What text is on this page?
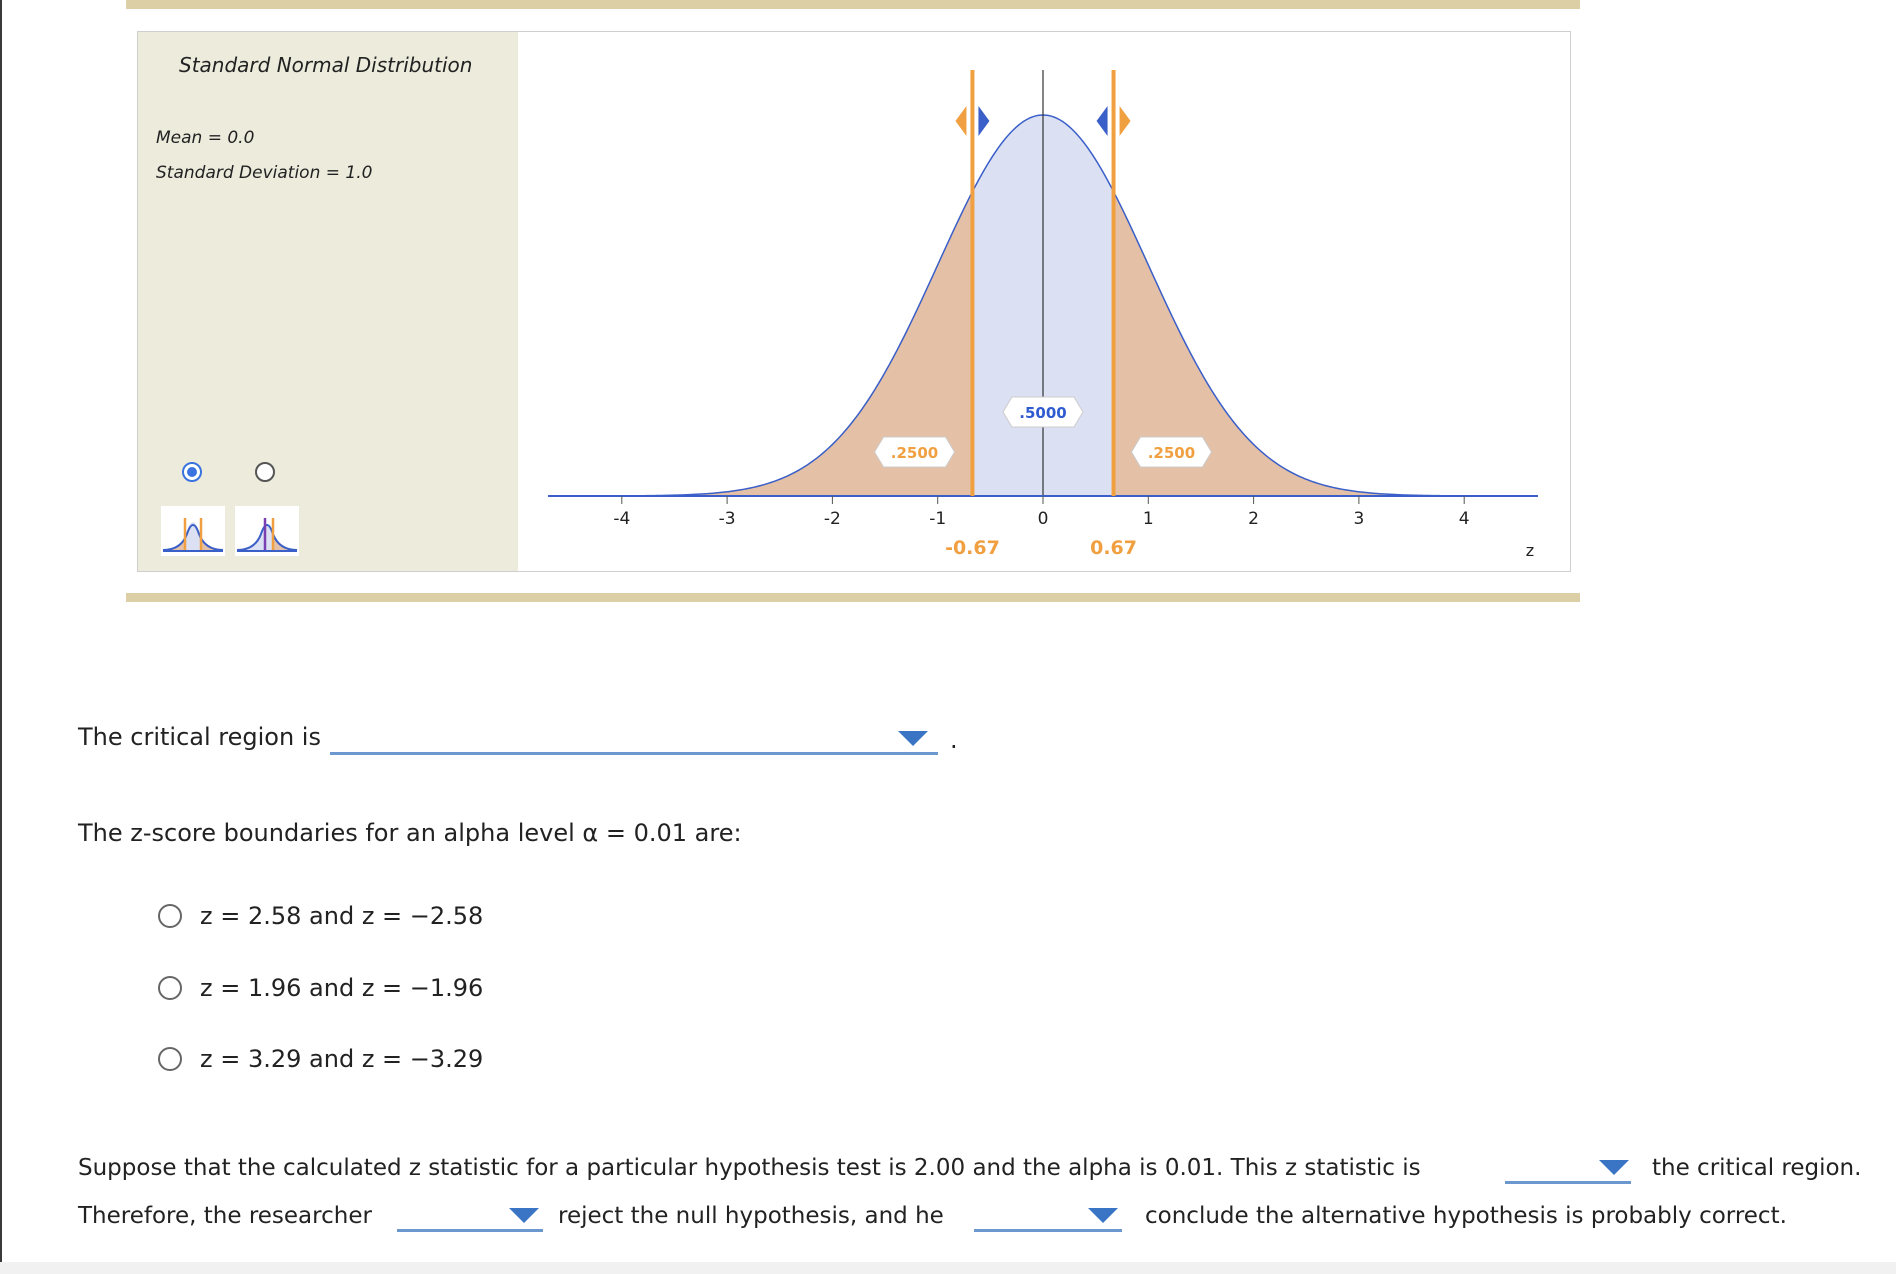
Standard Normal Distribution
Mean = 0.0
Standard Deviation = 1.0
-4	-3	-2	-1	0	1	2	3	4
z
-0.67	0.67
.2500
.5000
.2500
The critical region is	.
The z-score boundaries for an alpha level α = 0.01 are:
z = 2.58 and z = −2.58
z = 1.96 and z = −1.96
z = 3.29 and z = −3.29
Suppose that the calculated z statistic for a particular hypothesis test is 2.00 and the alpha is 0.01. This z statistic is	the critical region.
Therefore, the researcher	reject the null hypothesis, and he	conclude the alternative hypothesis is probably correct.
